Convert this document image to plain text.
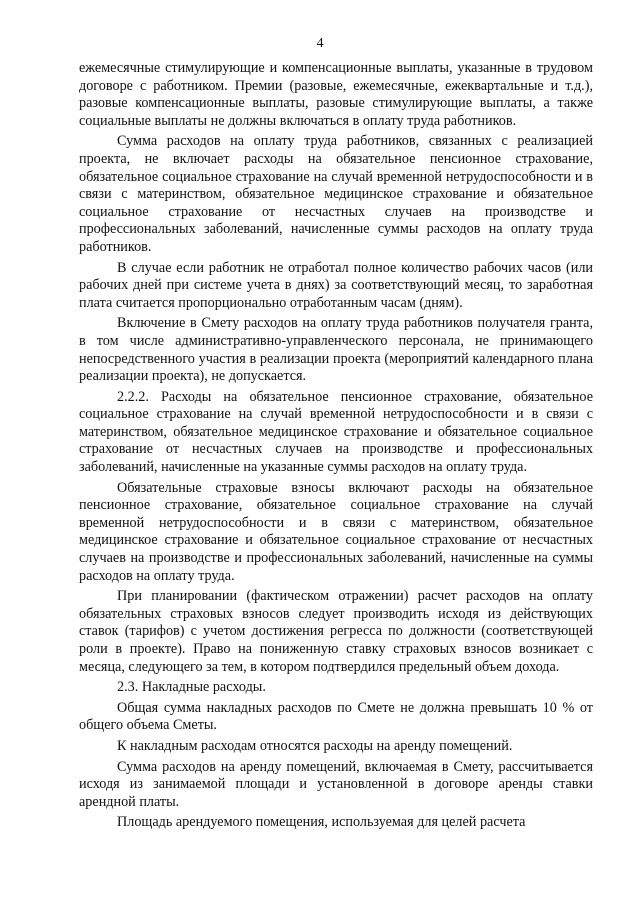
4

ежемесячные стимулирующие и компенсационные выплаты, указанные в трудовом договоре с работником. Премии (разовые, ежемесячные, ежеквартальные и т.д.), разовые компенсационные выплаты, разовые стимулирующие выплаты, а также социальные выплаты не должны включаться в оплату труда работников.

Сумма расходов на оплату труда работников, связанных с реализацией проекта, не включает расходы на обязательное пенсионное страхование, обязательное социальное страхование на случай временной нетрудоспособности и в связи с материнством, обязательное медицинское страхование и обязательное социальное страхование от несчастных случаев на производстве и профессиональных заболеваний, начисленные суммы расходов на оплату труда работников.

В случае если работник не отработал полное количество рабочих часов (или рабочих дней при системе учета в днях) за соответствующий месяц, то заработная плата считается пропорционально отработанным часам (дням).

Включение в Смету расходов на оплату труда работников получателя гранта, в том числе административно-управленческого персонала, не принимающего непосредственного участия в реализации проекта (мероприятий календарного плана реализации проекта), не допускается.

2.2.2. Расходы на обязательное пенсионное страхование, обязательное социальное страхование на случай временной нетрудоспособности и в связи с материнством, обязательное медицинское страхование и обязательное социальное страхование от несчастных случаев на производстве и профессиональных заболеваний, начисленные на указанные суммы расходов на оплату труда.

Обязательные страховые взносы включают расходы на обязательное пенсионное страхование, обязательное социальное страхование на случай временной нетрудоспособности и в связи с материнством, обязательное медицинское страхование и обязательное социальное страхование от несчастных случаев на производстве и профессиональных заболеваний, начисленные на суммы расходов на оплату труда.

При планировании (фактическом отражении) расчет расходов на оплату обязательных страховых взносов следует производить исходя из действующих ставок (тарифов) с учетом достижения регресса по должности (соответствующей роли в проекте). Право на пониженную ставку страховых взносов возникает с месяца, следующего за тем, в котором подтвердился предельный объем дохода.

2.3. Накладные расходы.

Общая сумма накладных расходов по Смете не должна превышать 10 % от общего объема Сметы.

К накладным расходам относятся расходы на аренду помещений.

Сумма расходов на аренду помещений, включаемая в Смету, рассчитывается исходя из занимаемой площади и установленной в договоре аренды ставки арендной платы.

Площадь арендуемого помещения, используемая для целей расчета
